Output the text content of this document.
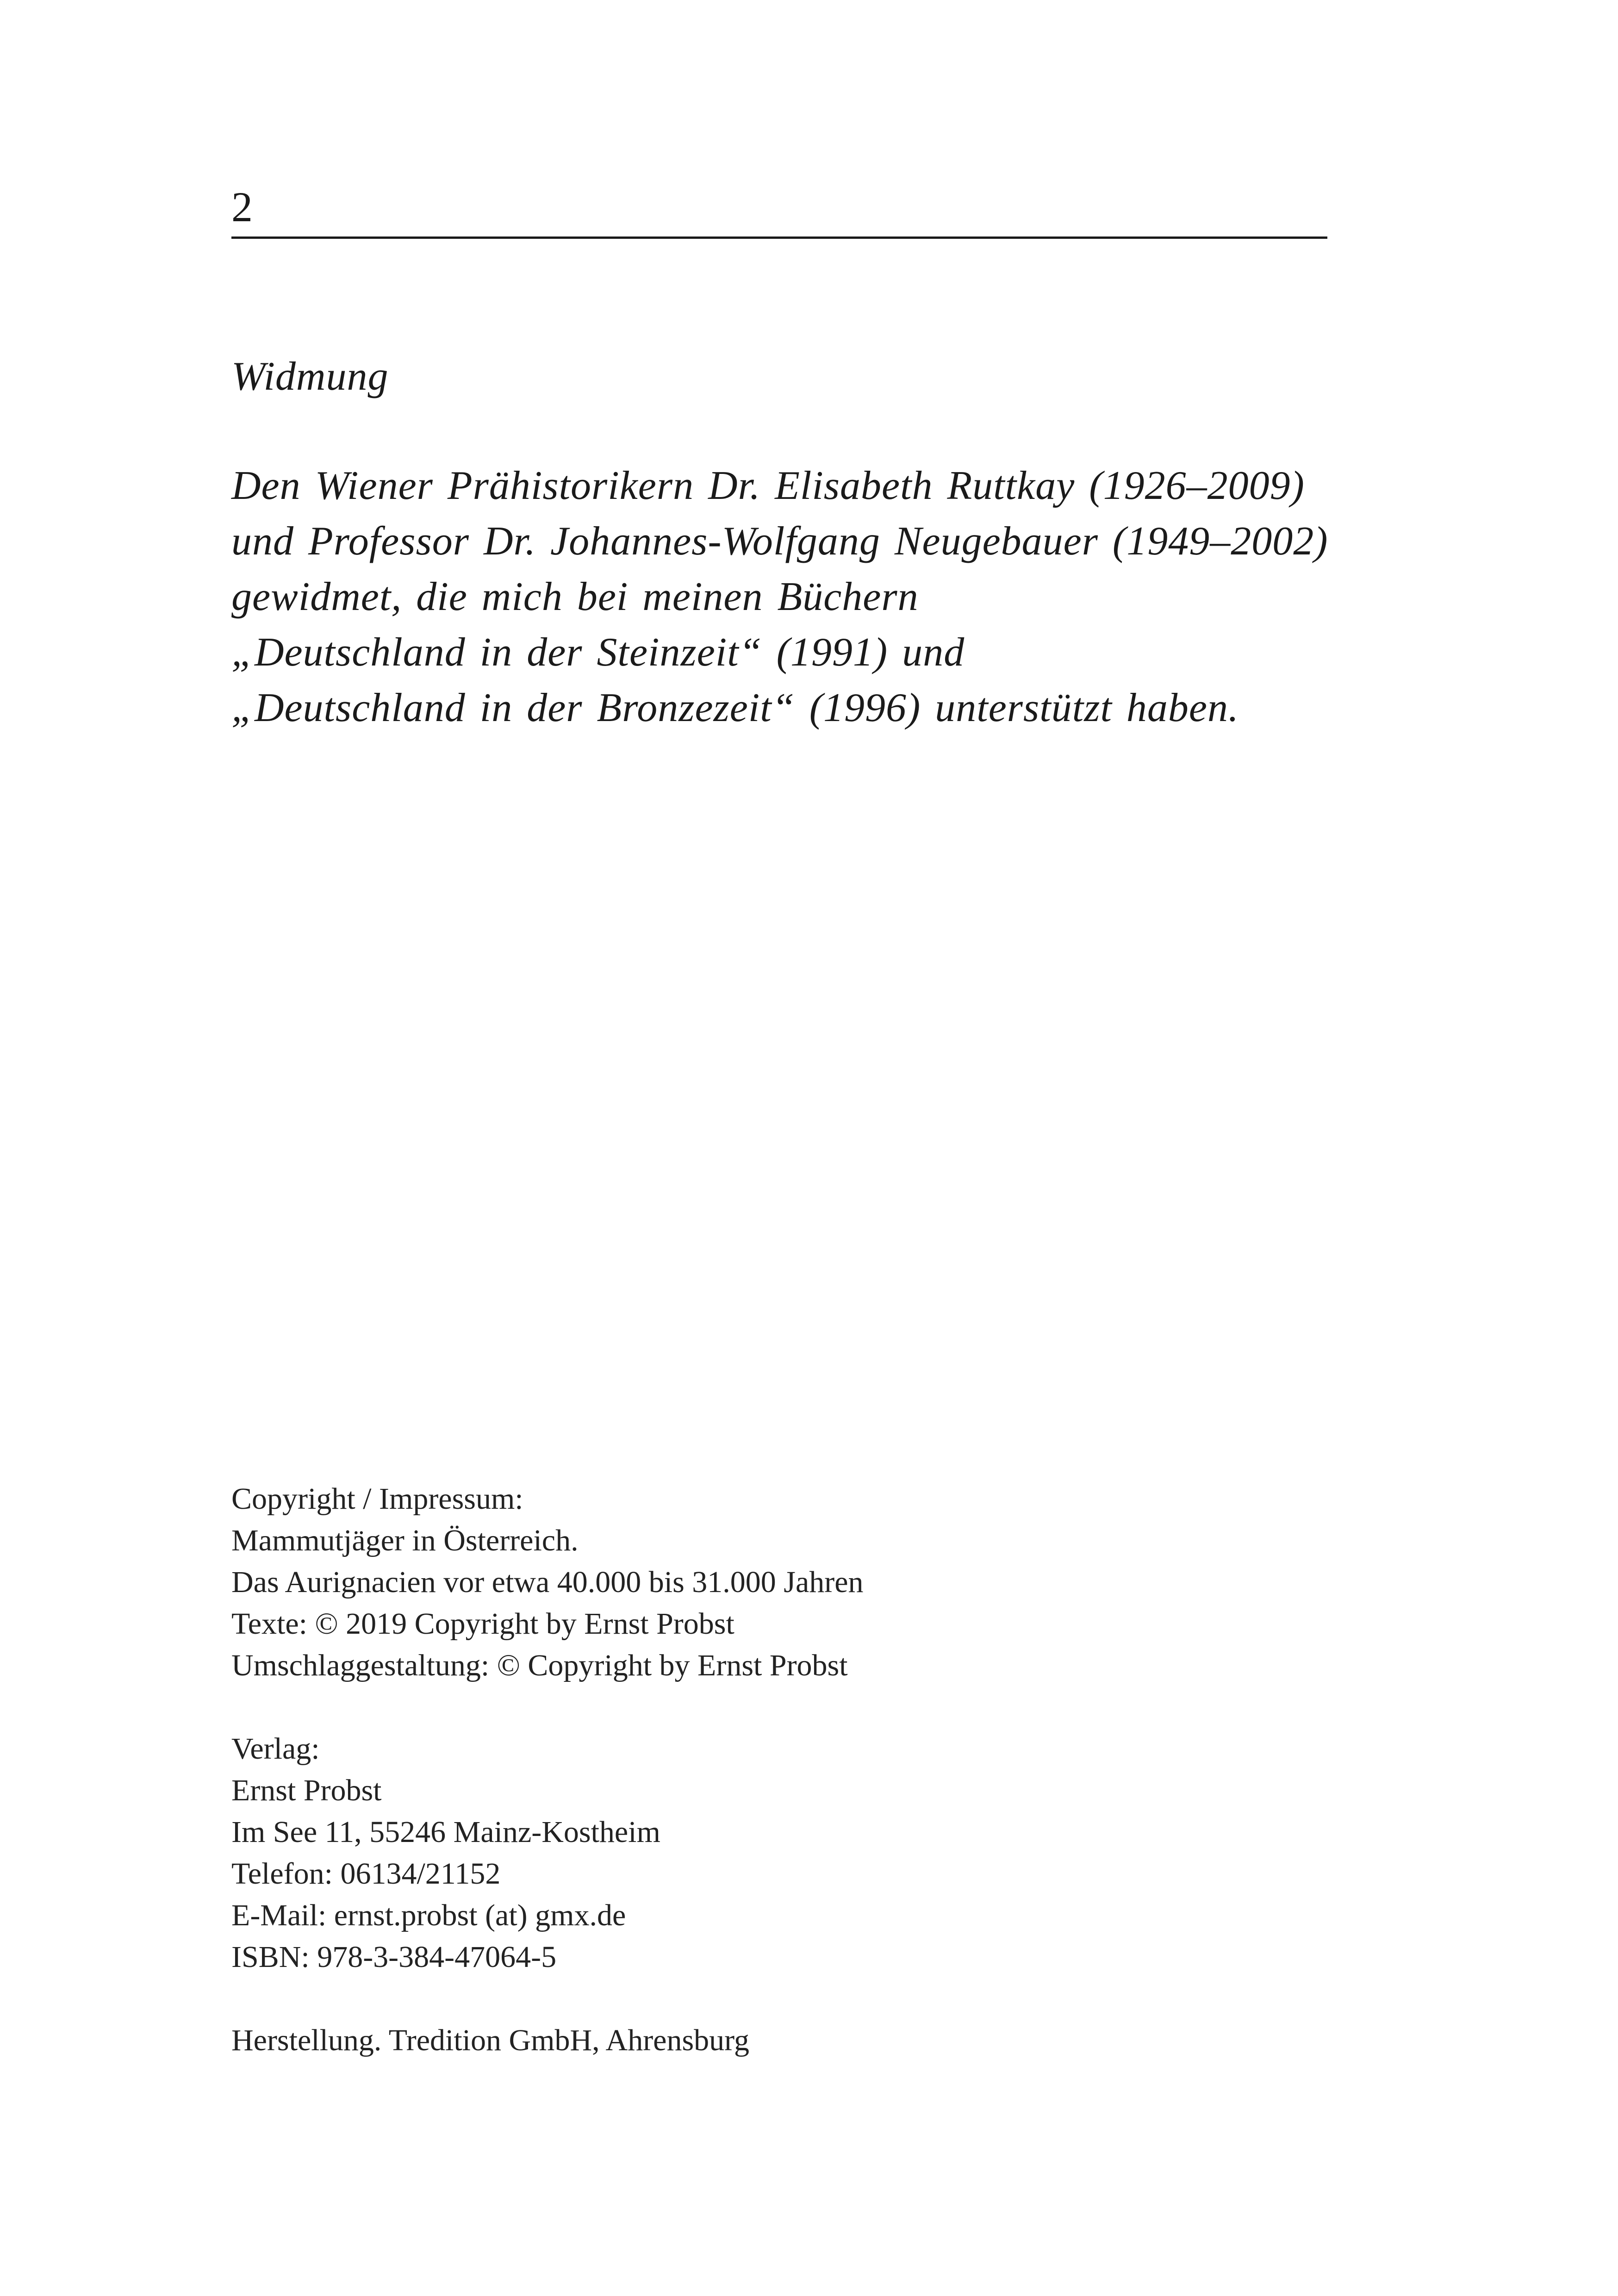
2
Widmung
Den Wiener Prähistorikern Dr. Elisabeth Ruttkay (1926–2009)
und Professor Dr. Johannes-Wolfgang Neugebauer (1949–2002)
gewidmet, die mich bei meinen Büchern
„Deutschland in der Steinzeit“ (1991) und
„Deutschland in der Bronzezeit“ (1996) unterstützt haben.
Copyright / Impressum:
Mammutjäger in Österreich.
Das Aurignacien vor etwa 40.000 bis 31.000 Jahren
Texte: © 2019 Copyright by Ernst Probst
Umschlaggestaltung: © Copyright by Ernst Probst
Verlag:
Ernst Probst
Im See 11, 55246 Mainz-Kostheim
Telefon: 06134/21152
E-Mail: ernst.probst (at) gmx.de
ISBN: 978-3-384-47064-5
Herstellung. Tredition GmbH, Ahrensburg
